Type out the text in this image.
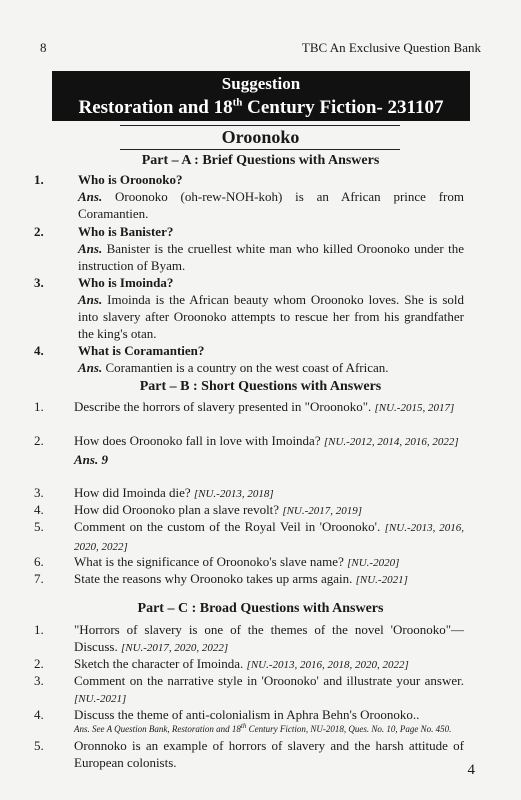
8	TBC An Exclusive Question Bank
Suggestion
Restoration and 18th Century Fiction- 231107
Oroonoko
Part – A : Brief Questions with Answers
1.	Who is Oroonoko?
Ans. Oroonoko (oh-rew-NOH-koh) is an African prince from Coramantien.
2.	Who is Banister?
Ans. Banister is the cruellest white man who killed Oroonoko under the instruction of Byam.
3.	Who is Imoinda?
Ans. Imoinda is the African beauty whom Oroonoko loves. She is sold into slavery after Oroonoko attempts to rescue her from his grandfather the king's otan.
4.	What is Coramantien?
Ans. Coramantien is a country on the west coast of African.
Part – B : Short Questions with Answers
1. Describe the horrors of slavery presented in "Oroonoko". [NU.-2015, 2017]
2. How does Oroonoko fall in love with Imoinda? [NU.-2012, 2014, 2016, 2022]
Ans. 9
3. How did Imoinda die? [NU.-2013, 2018]
4. How did Oroonoko plan a slave revolt? [NU.-2017, 2019]
5. Comment on the custom of the Royal Veil in 'Oroonoko'. [NU.-2013, 2016, 2020, 2022]
6. What is the significance of Oroonoko's slave name? [NU.-2020]
7. State the reasons why Oroonoko takes up arms again. [NU.-2021]
Part – C : Broad Questions with Answers
1. "Horrors of slavery is one of the themes of the novel 'Oroonoko"— Discuss. [NU.-2017, 2020, 2022]
2. Sketch the character of Imoinda. [NU.-2013, 2016, 2018, 2020, 2022]
3. Comment on the narrative style in 'Oroonoko' and illustrate your answer. [NU.-2021]
4. Discuss the theme of anti-colonialism in Aphra Behn's Oroonoko..
Ans. See A Question Bank, Restoration and 18th Century Fiction, NU-2018, Ques. No. 10, Page No. 450.
5. Oronnoko is an example of horrors of slavery and the harsh attitude of European colonists.	4
